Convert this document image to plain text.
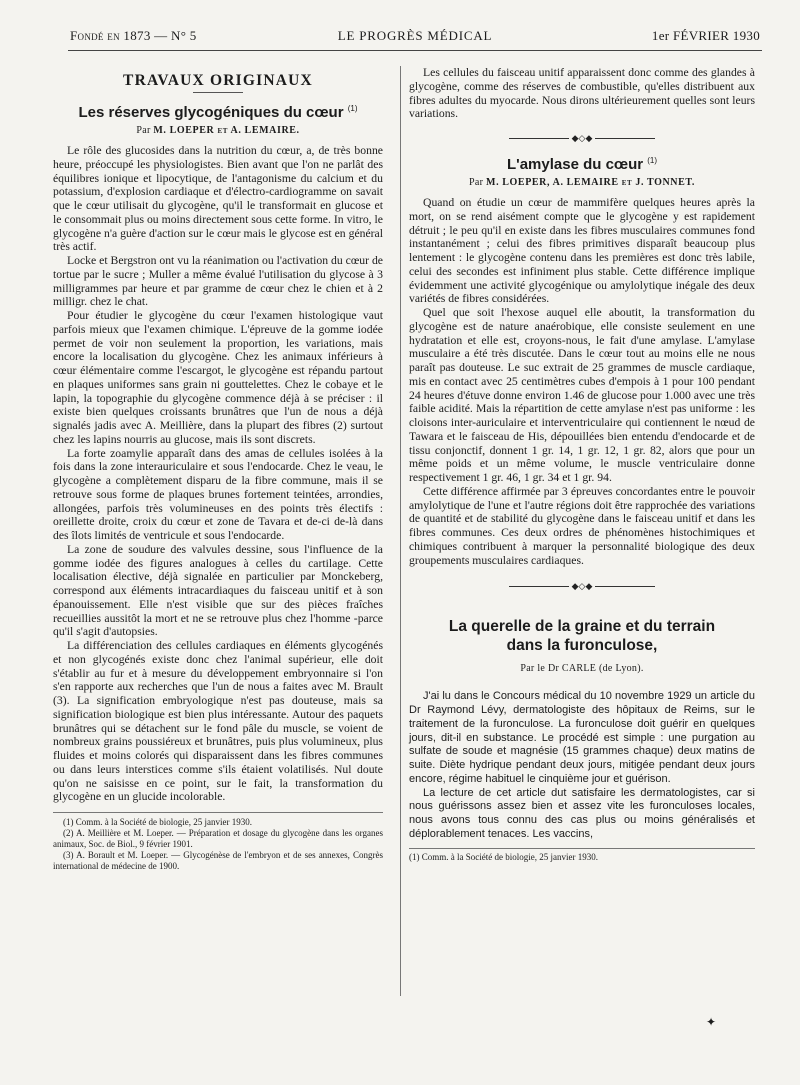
Fondé en 1873 — N° 5	LE PROGRÈS MÉDICAL	1er FÉVRIER 1930
TRAVAUX ORIGINAUX
Les réserves glycogéniques du cœur $^{(1)}$
Par M. LOEPER et A. LEMAIRE.

Le rôle des glucosides dans la nutrition du cœur, a, de très bonne heure, préoccupé les physiologistes. Bien avant que l'on ne parlât des équilibres ionique et lipocytique, de l'antagonisme du calcium et du potassium, d'explosion cardiaque et d'électro-cardiogramme on savait que le cœur utilisait du glycogène, qu'il le transformait en glucose et le consommait plus ou moins directement sous cette forme. In vitro, le glycogène n'a guère d'action sur le cœur mais le glycose est en général très actif.

Locke et Bergstron ont vu la réanimation ou l'activation du cœur de tortue par le sucre ; Muller a même évalué l'utilisation du glycose à 3 milligrammes par heure et par gramme de cœur chez le chien et à 2 milligr. chez le chat.

Pour étudier le glycogène du cœur l'examen histologique vaut parfois mieux que l'examen chimique. L'épreuve de la gomme iodée permet de voir non seulement la proportion, les variations, mais encore la localisation du glycogène. Chez les animaux inférieurs à cœur élémentaire comme l'escargot, le glycogène est répandu partout en plaques uniformes sans grain ni gouttelettes. Chez le cobaye et le lapin, la topographie du glycogène commence déjà à se préciser : il existe bien quelques croissants brunâtres que l'un de nous a déjà signalés jadis avec A. Meillière, dans la plupart des fibres (2) surtout chez les lapins nourris au glucose, mais ils sont discrets.

La forte zoamylie apparaît dans des amas de cellules isolées à la fois dans la zone interauriculaire et sous l'endocarde. Chez le veau, le glycogène a complètement disparu de la fibre commune, mais il se retrouve sous forme de plaques brunes fortement teintées, arrondies, allongées, parfois très volumineuses en des points très électifs : oreillette droite, croix du cœur et zone de Tavara et de-ci de-là dans des îlots limités de ventricule et sous l'endocarde.

La zone de soudure des valvules dessine, sous l'influence de la gomme iodée des figures analogues à celles du cartilage. Cette localisation élective, déjà signalée en particulier par Monckeberg, correspond aux éléments intracardiaques du faisceau unitif et à son épanouissement. Elle n'est visible que sur des pièces fraîches recueillies aussitôt la mort et ne se retrouve plus chez l'homme -parce qu'il s'agit d'autopsies.

La différenciation des cellules cardiaques en éléments glycogénés et non glycogénés existe donc chez l'animal supérieur, elle doit s'établir au fur et à mesure du développement embryonnaire si l'on s'en rapporte aux recherches que l'un de nous a faites avec M. Brault (3). La signification embryologique n'est pas douteuse, mais sa signification biologique est bien plus intéressante. Autour des paquets brunâtres qui se détachent sur le fond pâle du muscle, se voient de nombreux grains poussiéreux et brunâtres, puis plus volumineux, plus fluides et moins colorés qui disparaissent dans les fibres communes ou dans leurs interstices comme s'ils étaient volatilisés. Nul doute qu'on ne saisisse en ce point, sur le fait, la transformation du glycogène en un glucide incolorable.

(1) Comm. à la Société de biologie, 25 janvier 1930.

(2) A. Meillière et M. Loeper. — Préparation et dosage du glycogène dans les organes animaux, Soc. de Biol., 9 février 1901.

(3) A. Borault et M. Loeper. — Glycogénèse de l'embryon et de ses annexes, Congrès international de médecine de 1900.

Les cellules du faisceau unitif apparaissent donc comme des glandes à glycogène, comme des réserves de combustible, qu'elles distribuent aux fibres adultes du myocarde. Nous dirons ultérieurement quelles sont leurs variations.

◆◇◆
L'amylase du cœur $^{(1)}$
Par M. LOEPER, A. LEMAIRE et J. TONNET.

Quand on étudie un cœur de mammifère quelques heures après la mort, on se rend aisément compte que le glycogène y est rapidement détruit ; le peu qu'il en existe dans les fibres musculaires communes fond instantanément ; celui des fibres primitives disparaît beaucoup plus lentement : le glycogène contenu dans les premières est donc très labile, celui des secondes est infiniment plus stable. Cette différence implique évidemment une activité glycogénique ou amylolytique inégale des deux variétés de fibres considérées.

Quel que soit l'hexose auquel elle aboutit, la transformation du glycogène est de nature anaérobique, elle consiste seulement en une hydratation et elle est, croyons-nous, le fait d'une amylase. L'amylase musculaire a été très discutée. Dans le cœur tout au moins elle ne nous paraît pas douteuse. Le suc extrait de 25 grammes de muscle cardiaque, mis en contact avec 25 centimètres cubes d'empois à 1 pour 100 pendant 24 heures d'étuve donne environ 1.46 de glucose pour 1.000 avec une très faible acidité. Mais la répartition de cette amylase n'est pas uniforme : les cloisons inter-auriculaire et interventriculaire qui contiennent le nœud de Tawara et le faisceau de His, dépouillées bien entendu d'endocarde et de tissu conjonctif, donnent 1 gr. 14, 1 gr. 12, 1 gr. 82, alors que pour un même poids et un même volume, le muscle ventriculaire donne respectivement 1 gr. 46, 1 gr. 34 et 1 gr. 94.

Cette différence affirmée par 3 épreuves concordantes entre le pouvoir amylolytique de l'une et l'autre régions doit être rapprochée des variations de quantité et de stabilité du glycogène dans le faisceau unitif et dans les fibres communes. Ces deux ordres de phénomènes histochimiques et chimiques contribuent à marquer la personnalité biologique des deux groupements musculaires cardiaques.

◆◇◆
La querelle de la graine et du terrain
dans la furonculose,
Par le Dr CARLE (de Lyon).

J'ai lu dans le Concours médical du 10 novembre 1929 un article du Dr Raymond Lévy, dermatologiste des hôpitaux de Reims, sur le traitement de la furonculose. La furonculose doit guérir en quelques jours, dit-il en substance. Le procédé est simple : une purgation au sulfate de soude et magnésie (15 grammes chaque) deux matins de suite. Diète hydrique pendant deux jours, mitigée pendant deux jours encore, régime habituel le cinquième jour et guérison.

La lecture de cet article dut satisfaire les dermatologistes, car si nous guérissons assez bien et assez vite les furonculoses locales, nous avons tous connu des cas plus ou moins généralisés et déplorablement tenaces. Les vaccins,

(1) Comm. à la Société de biologie, 25 janvier 1930.

✦
